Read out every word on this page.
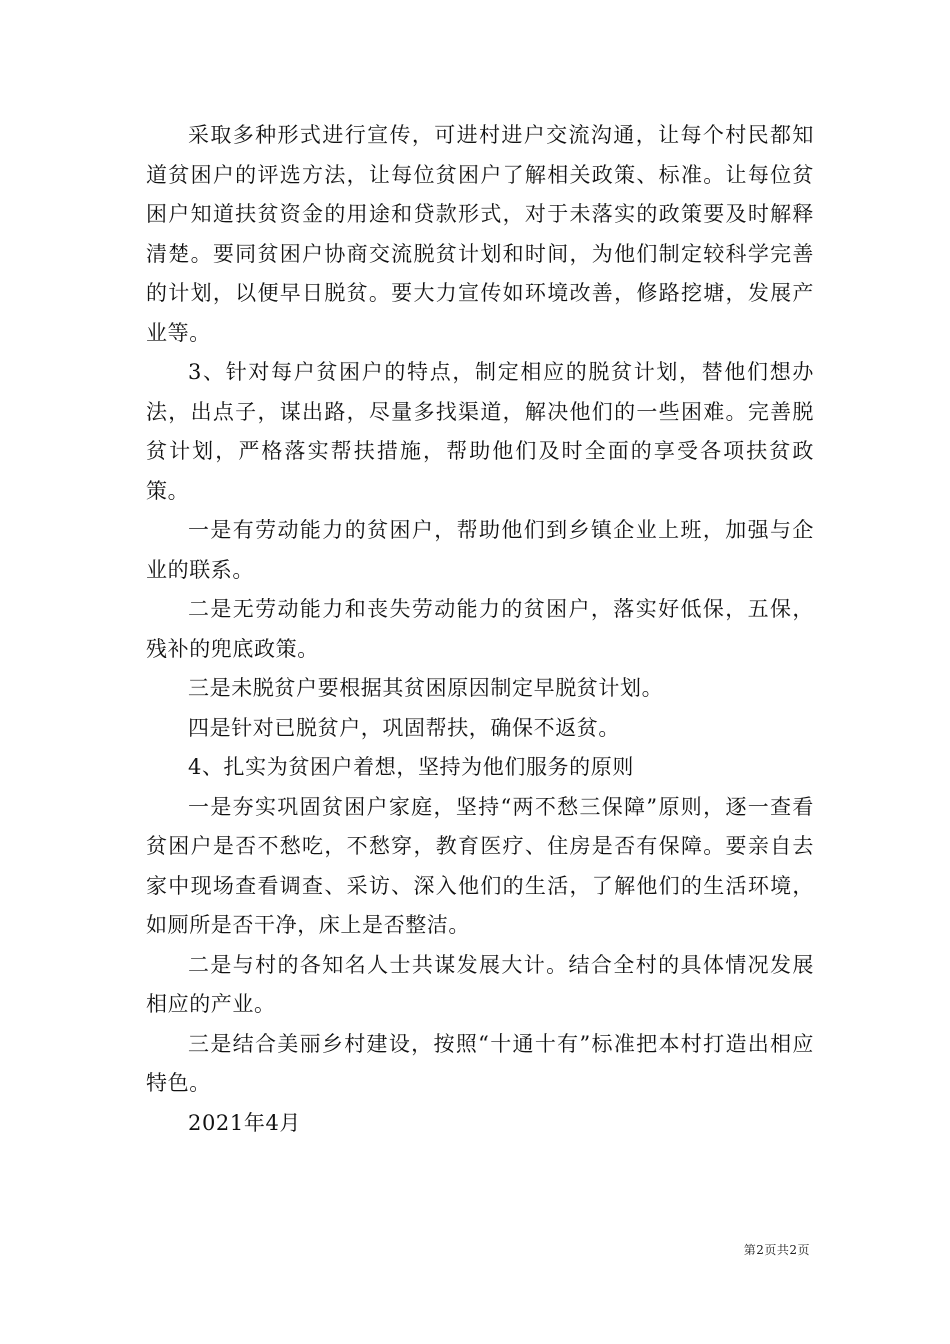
采取多种形式进行宣传，可进村进户交流沟通，让每个村民都知道贫困户的评选方法，让每位贫困户了解相关政策、标准。让每位贫困户知道扶贫资金的用途和贷款形式，对于未落实的政策要及时解释清楚。要同贫困户协商交流脱贫计划和时间，为他们制定较科学完善的计划，以便早日脱贫。要大力宣传如环境改善，修路挖塘，发展产业等。

3、针对每户贫困户的特点，制定相应的脱贫计划，替他们想办法，出点子，谋出路，尽量多找渠道，解决他们的一些困难。完善脱贫计划，严格落实帮扶措施，帮助他们及时全面的享受各项扶贫政策。

一是有劳动能力的贫困户，帮助他们到乡镇企业上班，加强与企业的联系。

二是无劳动能力和丧失劳动能力的贫困户，落实好低保，五保，残补的兜底政策。

三是未脱贫户要根据其贫困原因制定早脱贫计划。

四是针对已脱贫户，巩固帮扶，确保不返贫。

4、扎实为贫困户着想，坚持为他们服务的原则

一是夯实巩固贫困户家庭，坚持“两不愁三保障”原则，逐一查看贫困户是否不愁吃，不愁穿，教育医疗、住房是否有保障。要亲自去家中现场查看调查、采访、深入他们的生活，了解他们的生活环境，如厕所是否干净，床上是否整洁。

二是与村的各知名人士共谋发展大计。结合全村的具体情况发展相应的产业。

三是结合美丽乡村建设，按照“十通十有”标准把本村打造出相应特色。

2021年4月

第2页共2页
